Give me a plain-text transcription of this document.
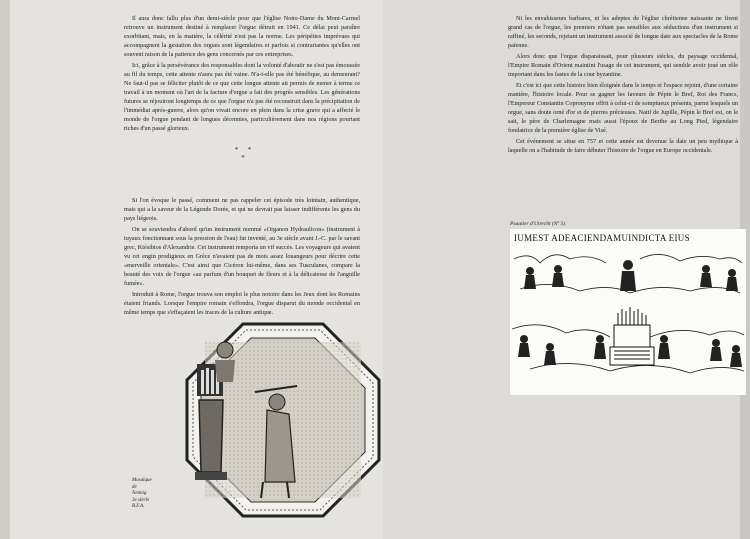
Il aura donc fallu plus d'un demi-siècle pour que l'église Notre-Dame du Mont-Carmel retrouve un instrument destiné à remplacer l'orgue détruit en 1941. Ce délai peut paraître exorbitant, mais, en la matière, la célérité n'est pas la norme. Les péripéties imprévues qui accompagnent la gestation des orgues sont légendaires et parfois si contrariantes qu'elles ont souvent raison de la patience des gens concernés par ces entreprises.

Ici, grâce à la persévérance des responsables dont la volonté d'aboutir ne s'est pas émoussée au fil du temps, cette attente n'aura pas été vaine. N'a-t-elle pas été bénéfique, au demeurant? Ne faut-il pas se féliciter plutôt de ce que cette longue attente ait permis de mener à terme ce travail à un moment où l'art de la facture d'orgue a fait des progrès sensibles. Les générations futures se réjouiront longtemps de ce que l'orgue n'a pas été reconstruit dans la précipitation de l'immédiat après-guerre, alors qu'on vivait encore en plein dans la crise grave qui a affecté le monde de l'orgue pendant de longues décennies, particulièrement dans nos régions pourtant riches d'un passé glorieux.

* * *

Si l'on évoque le passé, comment ne pas rappeler cet épisode très lointain, authentique, mais qui a la saveur de la Légende Dorée, et qui ne devrait pas laisser indifférents les gens du pays liégeois.

On se souviendra d'abord qu'un instrument nommé «Organon Hydraulicon» (instrument à tuyaux fonctionnant sous la pression de l'eau) fut inventé, au 3e siècle avant J.-C. par le savant grec, Ktésibios d'Alexandrie. Cet instrument remporta un vif succès. Les voyageurs qui avaient vu cet engin prodigieux en Grèce n'avaient pas de mots assez louangeurs pour décrire cette «merveille orientale». C'est ainsi que Cicéron lui-même, dans ses Tusculanes, compare la beauté des voix de l'orgue «au parfum d'un bouquet de fleurs et à la délicatesse de l'anguille fumée».

Introduit à Rome, l'orgue trouva son emploi le plus notoire dans les Jeux dont les Romains étaient friands. Lorsque l'empire romain s'effondra, l'orgue disparut du monde occidental en même temps que s'effaçaient les traces de la culture antique.

Mosaïque
de
Nennig
3e siècle
R.F.A.

Ni les envahisseurs barbares, ni les adeptes de l'église chrétienne naissante ne firent grand cas de l'orgue, les premiers n'étant pas sensibles aux séductions d'un instrument si raffiné, les seconds, rejetant un instrument associé de longue date aux spectacles de la Rome païenne.

Alors donc que l'orgue disparaissait, pour plusieurs siècles, du paysage occidental, l'Empire Romain d'Orient maintint l'usage de cet instrument, qui semble avoir joué un rôle important dans les fastes de la cour byzantine.

Et c'est ici que cette histoire bien éloignée dans le temps et l'espace rejoint, d'une certaine manière, l'histoire locale. Pour se gagner les faveurs de Pépin le Bref, Roi des Francs, l'Empereur Constantin Copronyme offrit à celui-ci de somptueux présents, parmi lesquels un orgue, sans doute orné d'or et de pierres précieuses. Natif de Jupille, Pépin le Bref est, on le sait, le père de Charlemagne mais aussi l'époux de Berthe au Long Pied, légendaire fondatrice de la première église de Visé.

Cet événement se situe en 757 et cette année est devenue la date un peu mythique à laquelle on a l'habitude de faire débuter l'histoire de l'orgue en Europe occidentale.

Psautier d'Utrecht (Nº 5).
IUMEST ADEACIENDAMUINDICTA EIUS
